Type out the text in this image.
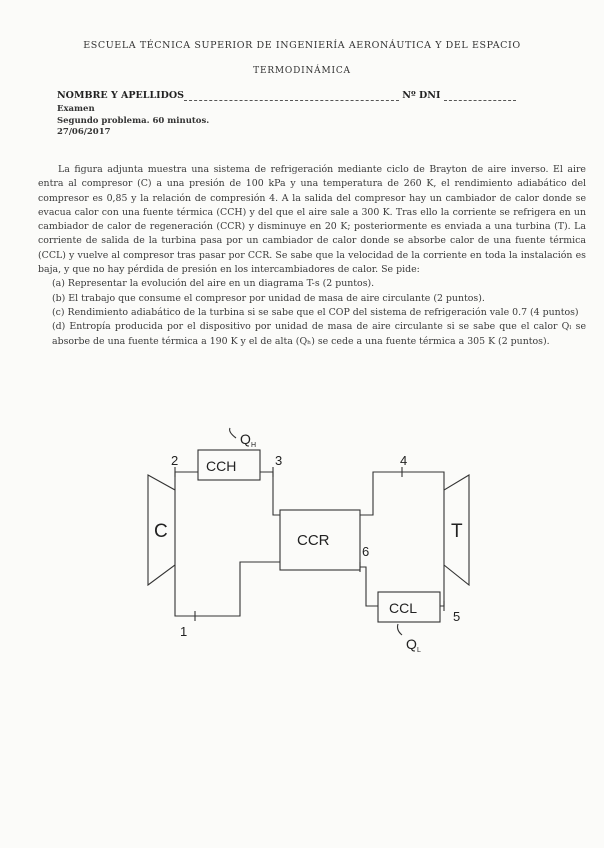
ESCUELA TÉCNICA SUPERIOR DE INGENIERÍA AERONÁUTICA Y DEL ESPACIO
TERMODINÁMICA
NOMBRE Y APELLIDOS	Nº DNI
Examen
Segundo problema. 60 minutos.
27/06/2017

La figura adjunta muestra una sistema de refrigeración mediante ciclo de Brayton de aire inverso. El aire entra al compresor (C) a una presión de 100 kPa y una temperatura de 260 K, el rendimiento adiabático del compresor es 0,85 y la relación de compresión 4. A la salida del compresor hay un cambiador de calor donde se evacua calor con una fuente térmica (CCH) y del que el aire sale a 300 K. Tras ello la corriente se refrigera en un cambiador de calor de regeneración (CCR) y disminuye en 20 K; posteriormente es enviada a una turbina (T). La corriente de salida de la turbina pasa por un cambiador de calor donde se absorbe calor de una fuente térmica (CCL) y vuelve al compresor tras pasar por CCR. Se sabe que la velocidad de la corriente en toda la instalación es baja, y que no hay pérdida de presión en los intercambiadores de calor. Se pide:

(a) Representar la evolución del aire en un diagrama T-s (2 puntos).

(b) El trabajo que consume el compresor por unidad de masa de aire circulante (2 puntos).

(c) Rendimiento adiabático de la turbina si se sabe que el COP del sistema de refrigeración vale 0.7 (4 puntos)

(d) Entropía producida por el dispositivo por unidad de masa de aire circulante si se sabe que el calor Qₗ se absorbe de una fuente térmica a 190 K y el de alta (Qₕ) se cede a una fuente térmica a 305 K (2 puntos).

C	T
CCH
CCR
CCL
Q H
Q L
2	3	4
5
6
1
